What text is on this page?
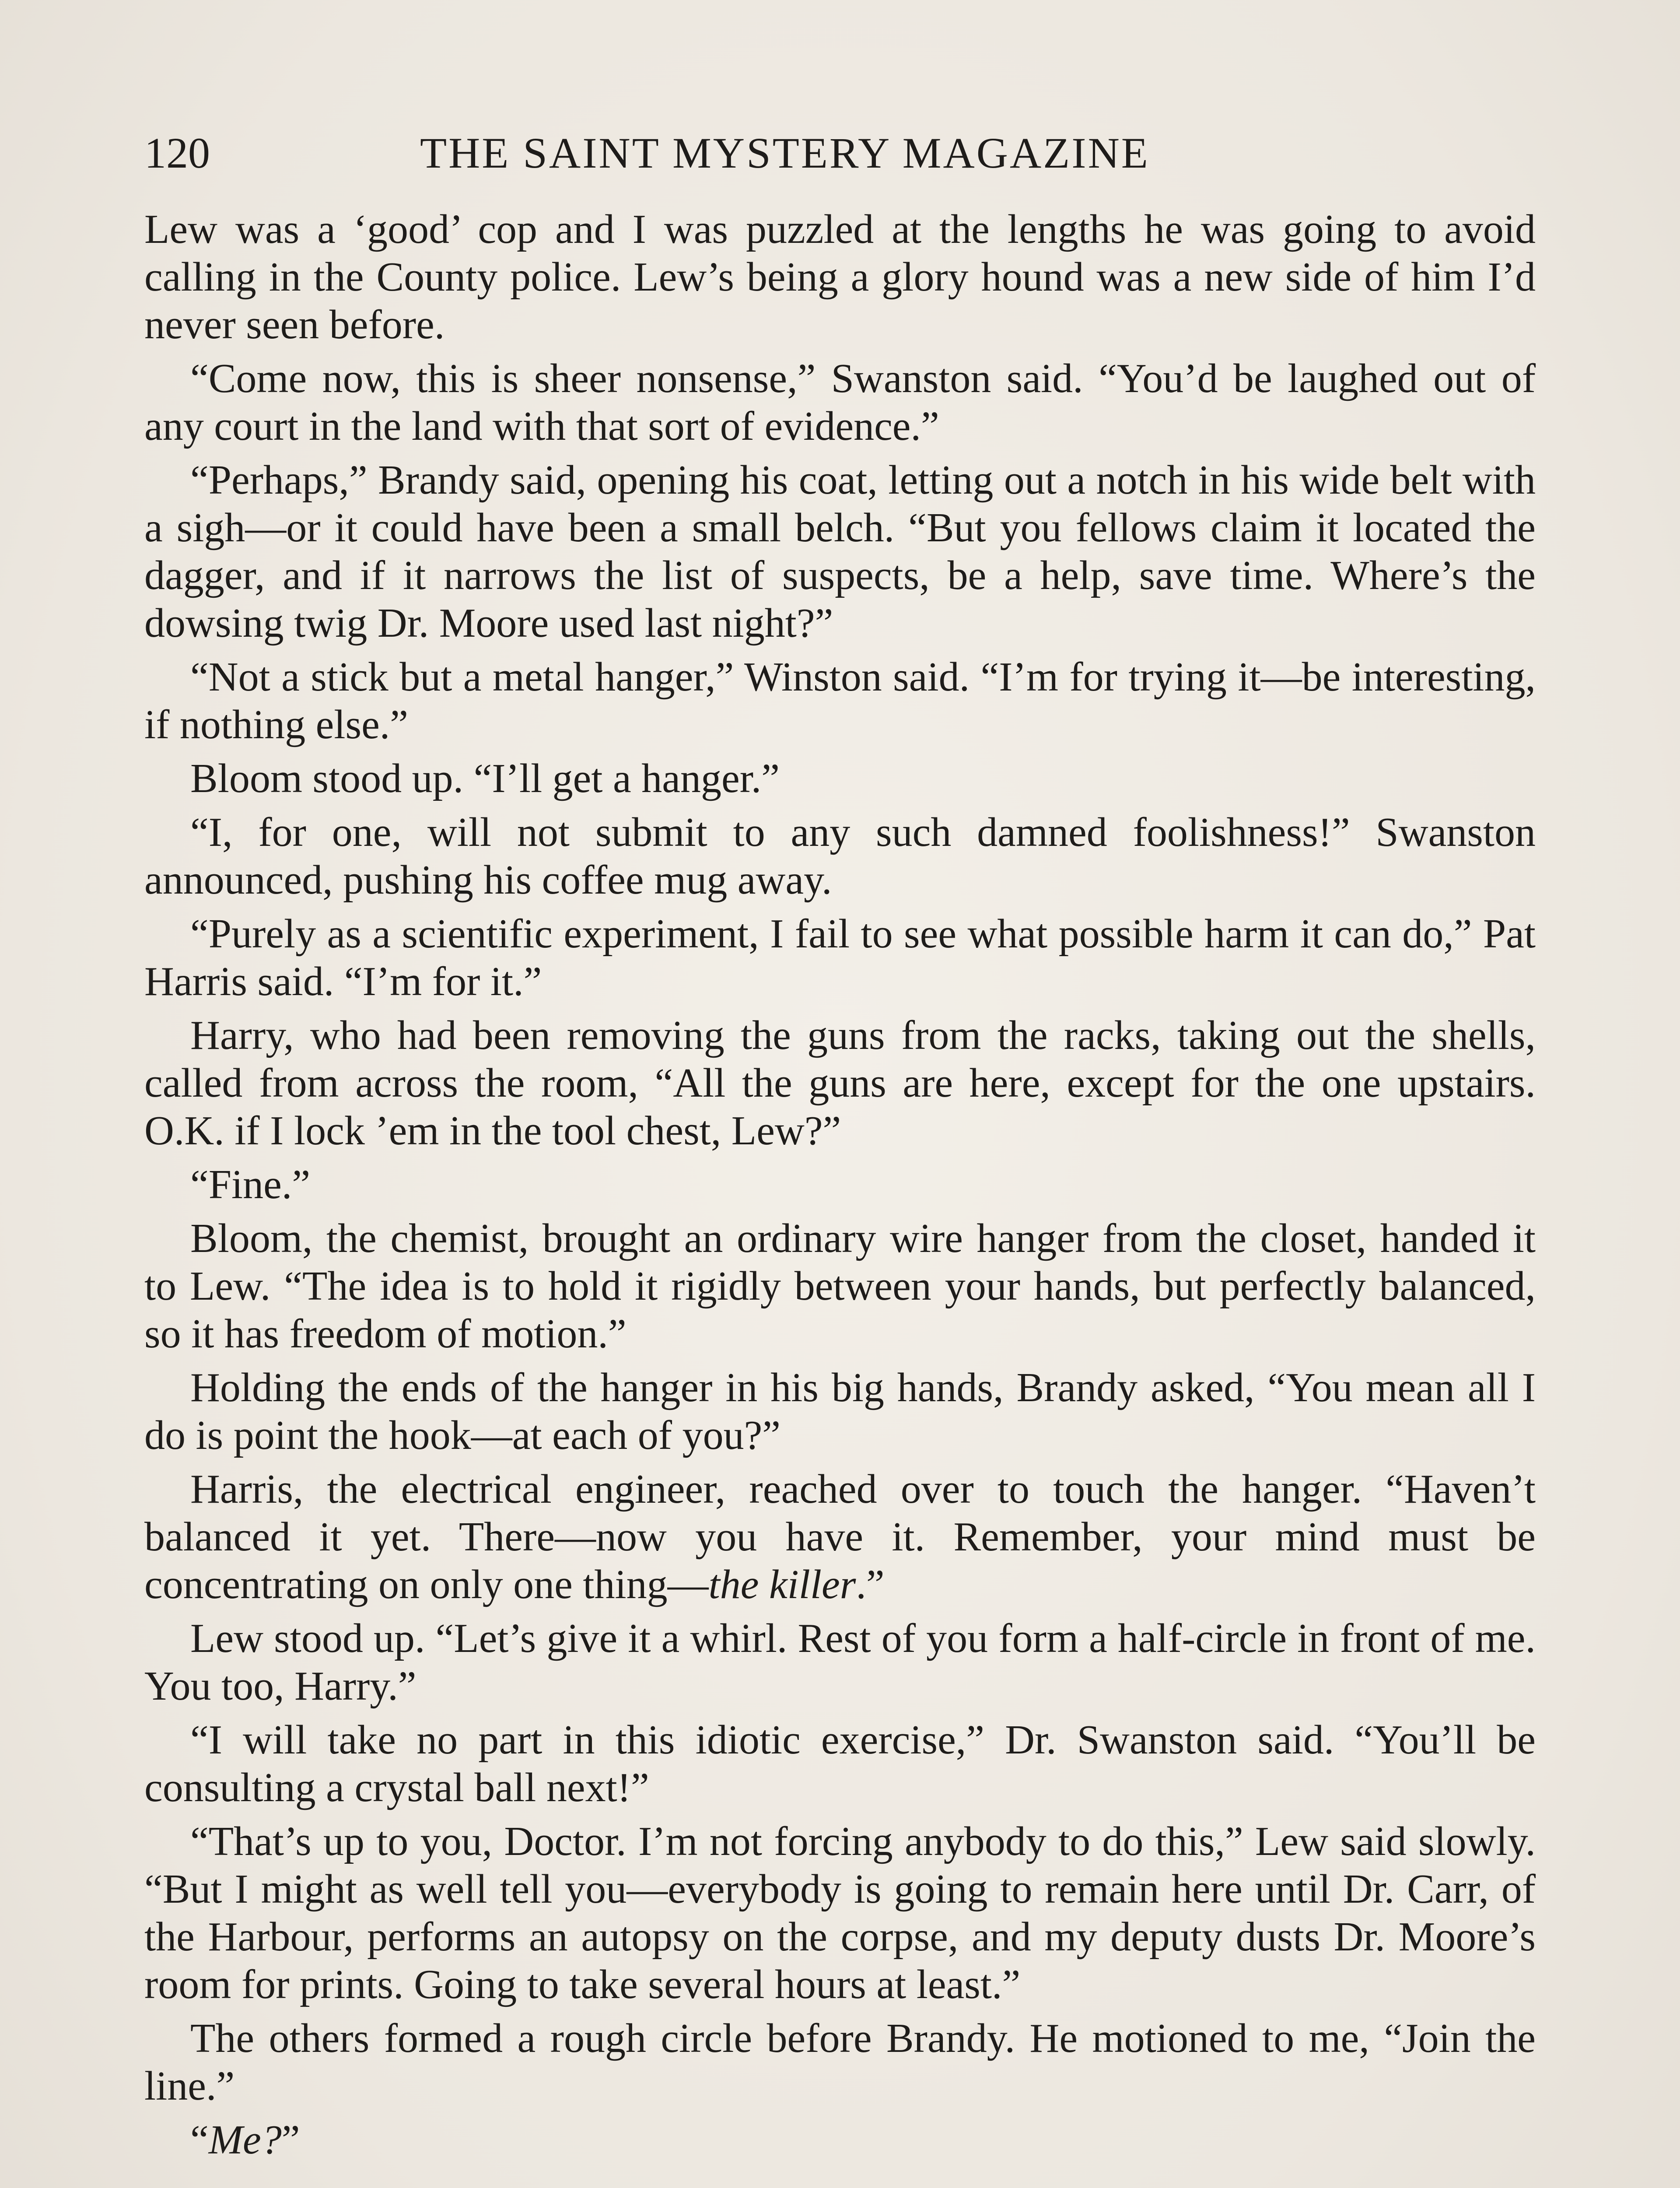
120	THE SAINT MYSTERY MAGAZINE

Lew was a ‘good’ cop and I was puzzled at the lengths he was going to avoid calling in the County police. Lew’s being a glory hound was a new side of him I’d never seen before.

“Come now, this is sheer nonsense,” Swanston said. “You’d be laughed out of any court in the land with that sort of evidence.”

“Perhaps,” Brandy said, opening his coat, letting out a notch in his wide belt with a sigh—or it could have been a small belch. “But you fellows claim it located the dagger, and if it narrows the list of suspects, be a help, save time. Where’s the dowsing twig Dr. Moore used last night?”

“Not a stick but a metal hanger,” Winston said. “I’m for trying it—be interesting, if nothing else.”

Bloom stood up. “I’ll get a hanger.”

“I, for one, will not submit to any such damned foolishness!” Swanston announced, pushing his coffee mug away.

“Purely as a scientific experiment, I fail to see what possible harm it can do,” Pat Harris said. “I’m for it.”

Harry, who had been removing the guns from the racks, taking out the shells, called from across the room, “All the guns are here, except for the one upstairs. O.K. if I lock ’em in the tool chest, Lew?”

“Fine.”

Bloom, the chemist, brought an ordinary wire hanger from the closet, handed it to Lew. “The idea is to hold it rigidly between your hands, but perfectly balanced, so it has freedom of motion.”

Holding the ends of the hanger in his big hands, Brandy asked, “You mean all I do is point the hook—at each of you?”

Harris, the electrical engineer, reached over to touch the hanger. “Haven’t balanced it yet. There—now you have it. Remember, your mind must be concentrating on only one thing—the killer.”

Lew stood up. “Let’s give it a whirl. Rest of you form a half-circle in front of me. You too, Harry.”

“I will take no part in this idiotic exercise,” Dr. Swanston said. “You’ll be consulting a crystal ball next!”

“That’s up to you, Doctor. I’m not forcing anybody to do this,” Lew said slowly. “But I might as well tell you—everybody is going to remain here until Dr. Carr, of the Harbour, performs an autopsy on the corpse, and my deputy dusts Dr. Moore’s room for prints. Going to take several hours at least.”

The others formed a rough circle before Brandy. He motioned to me, “Join the line.”

“Me?”
